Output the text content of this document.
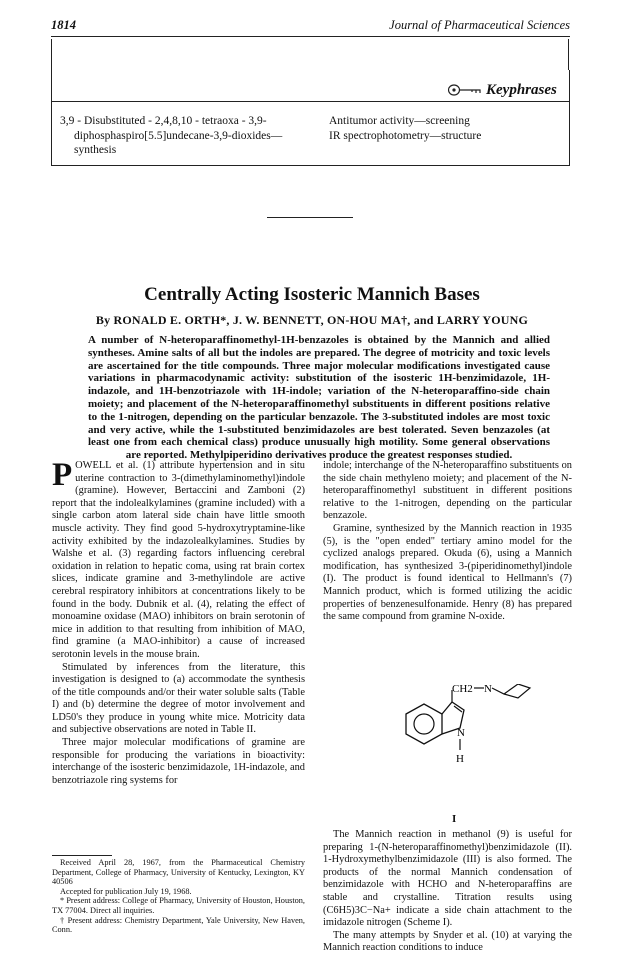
1814	Journal of Pharmaceutical Sciences
Keyphrases
3,9 - Disubstituted - 2,4,8,10 - tetraoxa - 3,9-
diphosphaspiro[5.5]undecane-3,9-dioxides—
synthesis
Antitumor activity—screening
IR spectrophotometry—structure
Centrally Acting Isosteric Mannich Bases
By RONALD E. ORTH*, J. W. BENNETT, ON-HOU MA†, and LARRY YOUNG
A number of N-heteroparaffinomethyl-1H-benzazoles is obtained by the Mannich and allied syntheses. Amine salts of all but the indoles are prepared. The degree of motricity and toxic levels are ascertained for the title compounds. Three major molecular modifications investigated cause variations in pharmacodynamic activity: substitution of the isosteric 1H-benzimidazole, 1H-indazole, and 1H-benzotriazole with 1H-indole; variation of the N-heteroparaffino-side chain moiety; and placement of the N-heteroparaffinomethyl substituents in different positions relative to the 1-nitrogen, depending on the particular benzazole. The 3-substituted indoles are most toxic and very active, while the 1-substituted benzimidazoles are best tolerated. Seven benzazoles (at least one from each chemical class) produce unusually high motility. Some general observations are reported. Methylpiperidino derivatives produce the greatest responses studied.

POWELL et al. (1) attribute hypertension and in situ uterine contraction to 3-(dimethylaminomethyl)indole (gramine). However, Bertaccini and Zamboni (2) report that the indolealkylamines (gramine included) with a single carbon atom lateral side chain have little smooth muscle activity. They find good 5-hydroxytryptamine-like activity exhibited by the indazolealkylamines. Studies by Walshe et al. (3) regarding factors influencing cerebral oxidation in relation to hepatic coma, using rat brain cortex slices, indicate gramine and 3-methylindole are active cerebral respiratory inhibitors at concentrations likely to be found in the body. Dubnik et al. (4), relating the effect of monoamine oxidase (MAO) inhibitors on brain serotonin of mice in addition to that resulting from inhibition of MAO, find gramine (a MAO-inhibitor) a cause of increased serotonin levels in the mouse brain.

Stimulated by inferences from the literature, this investigation is designed to (a) accommodate the synthesis of the title compounds and/or their water soluble salts (Table I) and (b) determine the degree of motor involvement and LD50's they produce in young white mice. Motricity data and subjective observations are noted in Table II.

Three major molecular modifications of gramine are responsible for producing the variations in bioactivity: interchange of the isosteric benzimidazole, 1H-indazole, and benzotriazole ring systems for

Received April 28, 1967, from the Pharmaceutical Chemistry Department, College of Pharmacy, University of Kentucky, Lexington, KY 40506

Accepted for publication July 19, 1968.

* Present address: College of Pharmacy, University of Houston, Houston, TX 77004. Direct all inquiries.

† Present address: Chemistry Department, Yale University, New Haven, Conn.

indole; interchange of the N-heteroparaffino substituents on the side chain methyleno moiety; and placement of the N-heteroparaffinomethyl substituent in different positions relative to the 1-nitrogen, depending on the particular benzazole.

Gramine, synthesized by the Mannich reaction in 1935 (5), is the "open ended" tertiary amino model for the cyclized analogs prepared. Okuda (6), using a Mannich modification, has synthesized 3-(piperidinomethyl)indole (I). The product is found identical to Hellmann's (7) Mannich product, which is formed utilizing the acidic properties of benzenesulfonamide. Henry (8) has prepared the same compound from gramine N-oxide.

CH2 N
N
H
I

The Mannich reaction in methanol (9) is useful for preparing 1-(N-heteroparaffinomethyl)benzimidazole (II). 1-Hydroxymethylbenzimidazole (III) is also formed. The products of the normal Mannich condensation of benzimidazole with HCHO and N-heteroparaffins are stable and crystalline. Titration results using (C6H5)3C−Na+ indicate a side chain attachment to the imidazole nitrogen (Scheme I).

The many attempts by Snyder et al. (10) at varying the Mannich reaction conditions to induce
